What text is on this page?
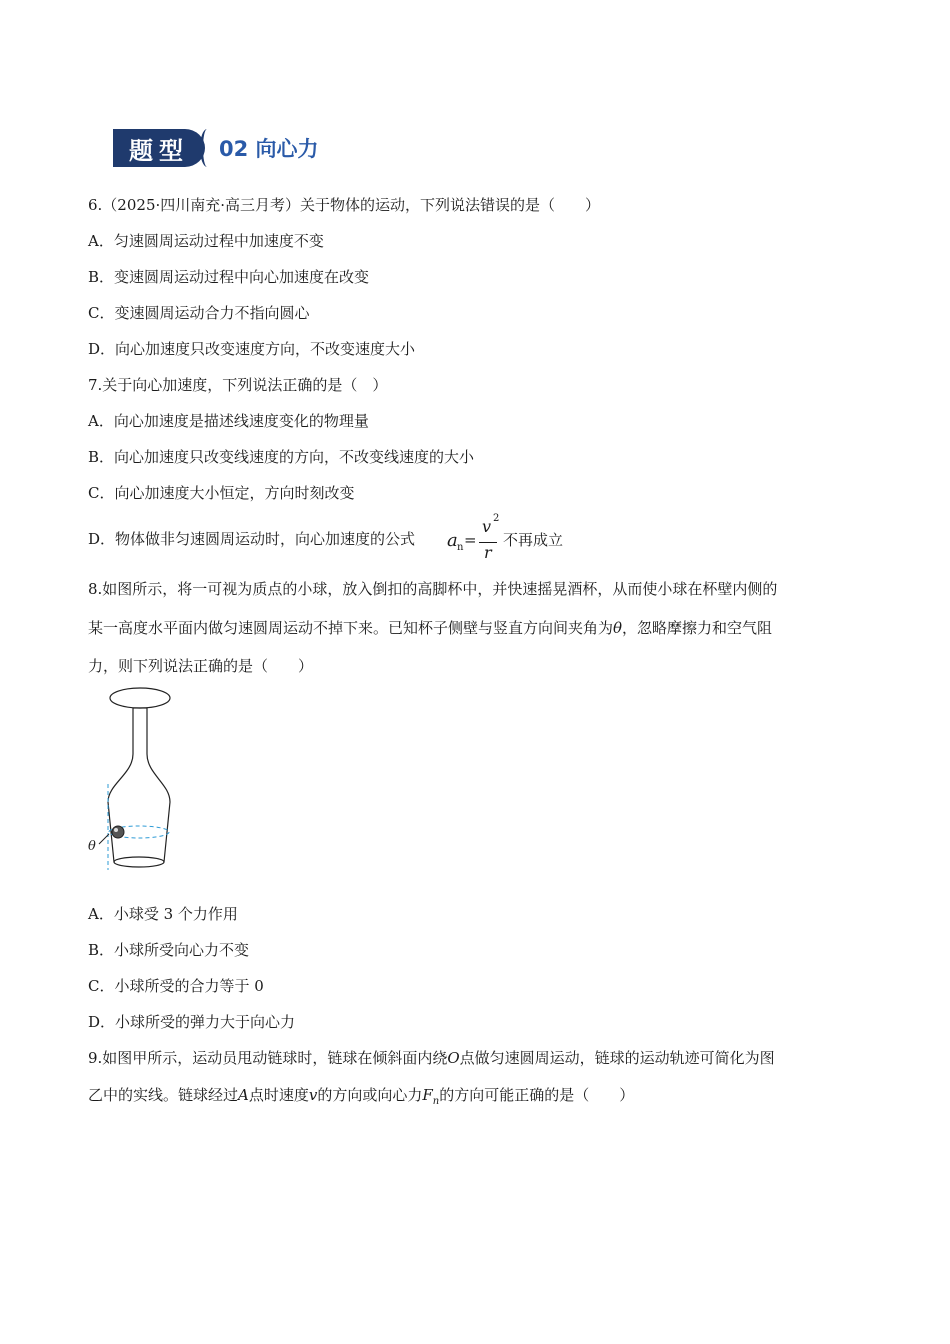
题型 02 向心力
6.（2025·四川南充·高三月考）关于物体的运动，下列说法错误的是（　　）
A．匀速圆周运动过程中加速度不变
B．变速圆周运动过程中向心加速度在改变
C．变速圆周运动合力不指向圆心
D．向心加速度只改变速度方向，不改变速度大小
7.关于向心加速度，下列说法正确的是（　）
A．向心加速度是描述线速度变化的物理量
B．向心加速度只改变线速度的方向，不改变线速度的大小
C．向心加速度大小恒定，方向时刻改变
D．物体做非匀速圆周运动时，向心加速度的公式 a n =
v 2
r
不再成立
8.如图所示，将一可视为质点的小球，放入倒扣的高脚杯中，并快速摇晃酒杯，从而使小球在杯壁内侧的
某一高度水平面内做匀速圆周运动不掉下来。已知杯子侧壁与竖直方向间夹角为θ，忽略摩擦力和空气阻
力，则下列说法正确的是（　　）
θ
A．小球受 3 个力作用
B．小球所受向心力不变
C．小球所受的合力等于 0
D．小球所受的弹力大于向心力
9.如图甲所示，运动员甩动链球时，链球在倾斜面内绕O点做匀速圆周运动，链球的运动轨迹可简化为图
乙中的实线。链球经过A点时速度v的方向或向心力$F_n$的方向可能正确的是（　　）
